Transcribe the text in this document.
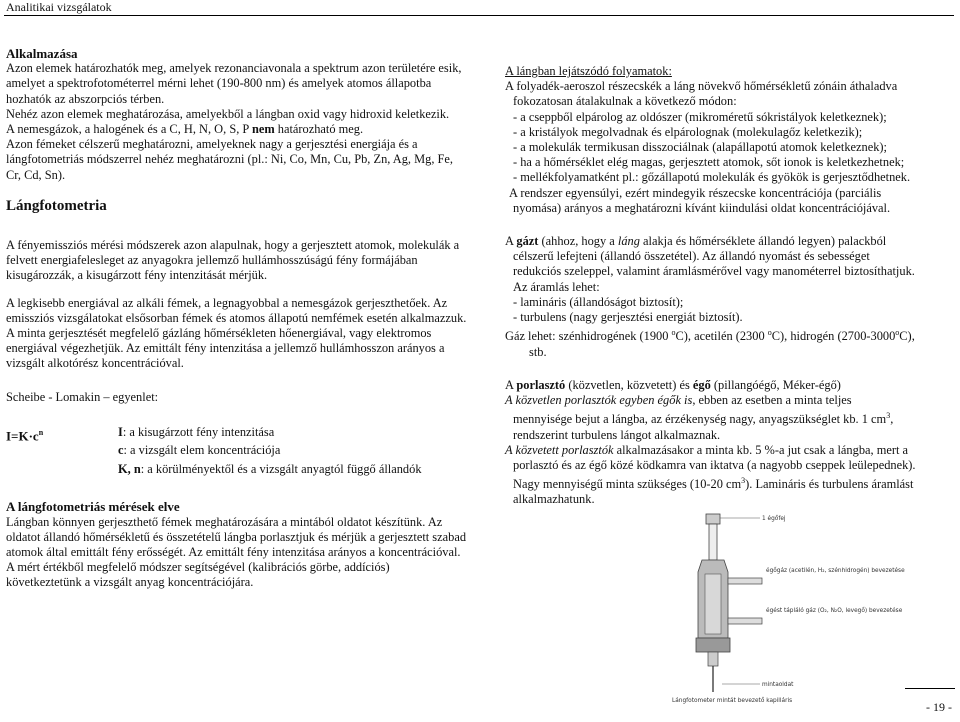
Analitikai vizsgálatok

Alkalmazása

Azon elemek határozhatók meg, amelyek rezonanciavonala a spektrum azon területére esik, amelyet a spektrofotométerrel mérni lehet (190-800 nm) és amelyek atomos állapotba hozhatók az abszorpciós térben.

Nehéz azon elemek meghatározása, amelyekből a lángban oxid vagy hidroxid keletkezik.

A nemesgázok, a halogének és a C, H, N, O, S, P nem határozható meg.

Azon fémeket célszerű meghatározni, amelyeknek nagy a gerjesztési energiája és a lángfotometriás módszerrel nehéz meghatározni (pl.: Ni, Co, Mn, Cu, Pb, Zn, Ag, Mg, Fe, Cr, Cd, Sn).

Lángfotometria

A fényemissziós mérési módszerek azon alapulnak, hogy a gerjesztett atomok, molekulák a felvett energiafelesleget az anyagokra jellemző hullámhosszúságú fény formájában kisugározzák, a kisugárzott fény intenzitását mérjük.

A legkisebb energiával az alkáli fémek, a legnagyobbal a nemesgázok gerjeszthetőek. Az emissziós vizsgálatokat elsősorban fémek és atomos állapotú nemfémek esetén alkalmazzuk. A minta gerjesztését megfelelő gázláng hőmérsékleten hőenergiával, vagy elektromos energiával végezhetjük. Az emittált fény intenzitása a jellemző hullámhosszon arányos a vizsgált alkotórész koncentrációval.

Scheibe - Lomakin – egyenlet:

$I=K\cdot c^n$	I: a kisugárzott fény intenzitása

c: a vizsgált elem koncentrációja

K, n: a körülményektől és a vizsgált anyagtól függő állandók

A lángfotometriás mérések elve

Lángban könnyen gerjeszthető fémek meghatározására a mintából oldatot készítünk. Az oldatot állandó hőmérsékletű és összetételű lángba porlasztjuk és mérjük a gerjesztett szabad atomok által emittált fény erősségét. Az emittált fény intenzitása arányos a koncentrációval.

A mért értékből megfelelő módszer segítségével (kalibrációs görbe, addíciós) következtetünk a vizsgált anyag koncentrációjára.

A lángban lejátszódó folyamatok:

A folyadék-aeroszol részecskék a láng növekvő hőmérsékletű zónáin áthaladva

fokozatosan átalakulnak a következő módon:

- a cseppből elpárolog az oldószer (mikroméretű sókristályok keletkeznek);

- a kristályok megolvadnak és elpárolognak (molekulagőz keletkezik);

- a molekulák termikusan disszociálnak (alapállapotú atomok keletkeznek);

- ha a hőmérséklet elég magas, gerjesztett atomok, sőt ionok is keletkezhetnek;

- mellékfolyamatként pl.: gőzállapotú molekulák és gyökök is gerjesztődhetnek.

A rendszer egyensúlyi, ezért mindegyik részecske koncentrációja (parciális

nyomása) arányos a meghatározni kívánt kiindulási oldat koncentrációjával.

A gázt (ahhoz, hogy a láng alakja és hőmérséklete állandó legyen) palackból

célszerű lefejteni (állandó összetétel). Az állandó nyomást és sebességet

redukciós szeleppel, valamint áramlásmérővel vagy manométerrel biztosíthatjuk.

Az áramlás lehet:

- lamináris (állandóságot biztosít);

- turbulens (nagy gerjesztési energiát biztosít).

Gáz lehet: szénhidrogének (1900 $^o$C), acetilén (2300 $^o$C), hidrogén (2700-3000$^o$C),

stb.

A porlasztó (közvetlen, közvetett) és égő (pillangóégő, Méker-égő)

A közvetlen porlasztók egyben égők is, ebben az esetben a minta teljes

mennyisége bejut a lángba, az érzékenység nagy, anyagszükséglet kb. 1 $cm^3$,

rendszerint turbulens lángot alkalmaznak.

A közvetett porlasztók alkalmazásakor a minta kb. 5 %-a jut csak a lángba, mert a

porlasztó és az égő közé ködkamra van iktatva (a nagyobb cseppek leülepednek).

Nagy mennyiségű minta szükséges (10-20 $cm^3$). Lamináris és turbulens áramlást

alkalmazhatunk.

1 égőfej
égőgáz (acetilén, H₂, szénhidrogén) bevezetése
égést tápláló gáz (O₂, N₂O, levegő) bevezetése
mintaoldat
Lángfotometer mintát bevezető kapilláris	- 19 -
